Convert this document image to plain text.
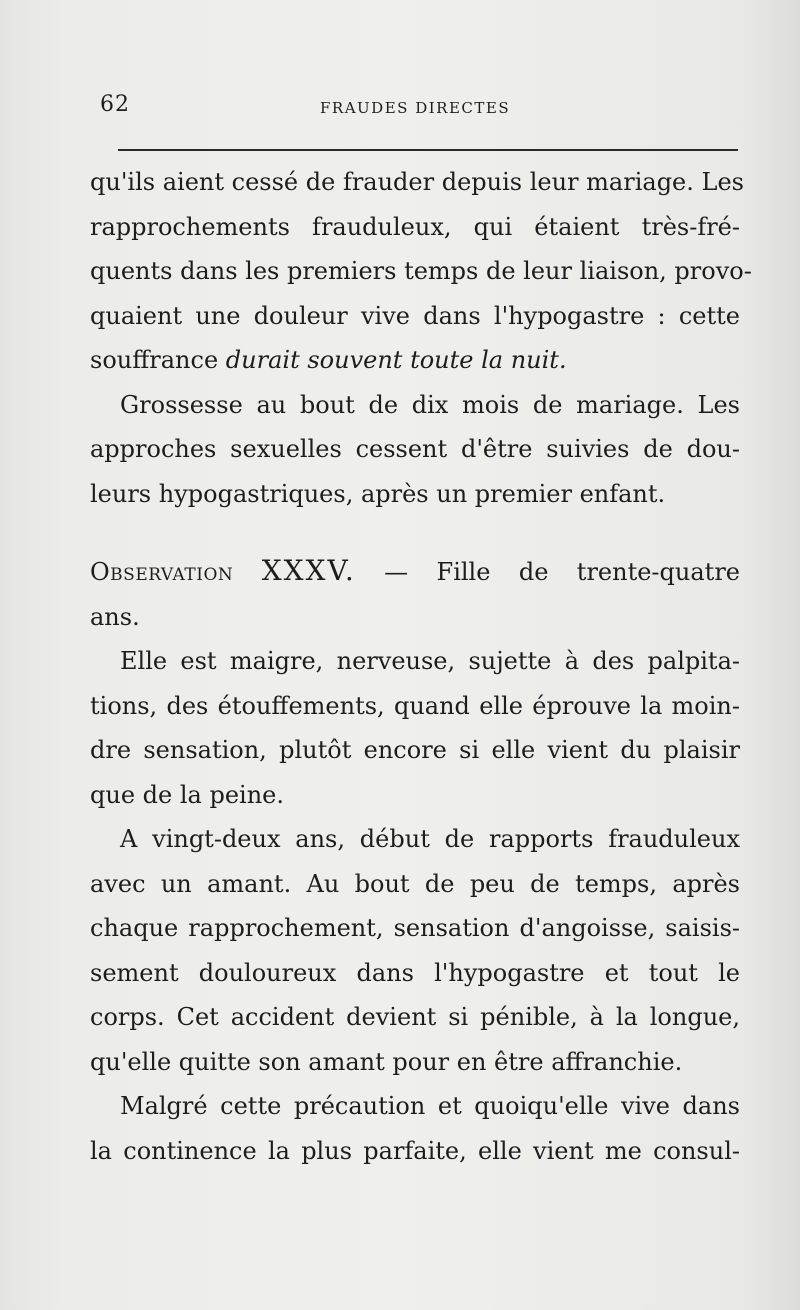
62	FRAUDES DIRECTES
qu'ils aient cessé de frauder depuis leur mariage. Les
rapprochements frauduleux, qui étaient très-fré-
quents dans les premiers temps de leur liaison, provo-
quaient une douleur vive dans l'hypogastre : cette
souffrance durait souvent toute la nuit.
Grossesse au bout de dix mois de mariage. Les
approches sexuelles cessent d'être suivies de dou-
leurs hypogastriques, après un premier enfant.
Observation XXXV. — Fille de trente-quatre
ans.
Elle est maigre, nerveuse, sujette à des palpita-
tions, des étouffements, quand elle éprouve la moin-
dre sensation, plutôt encore si elle vient du plaisir
que de la peine.
A vingt-deux ans, début de rapports frauduleux
avec un amant. Au bout de peu de temps, après
chaque rapprochement, sensation d'angoisse, saisis-
sement douloureux dans l'hypogastre et tout le
corps. Cet accident devient si pénible, à la longue,
qu'elle quitte son amant pour en être affranchie.
Malgré cette précaution et quoiqu'elle vive dans
la continence la plus parfaite, elle vient me consul-
